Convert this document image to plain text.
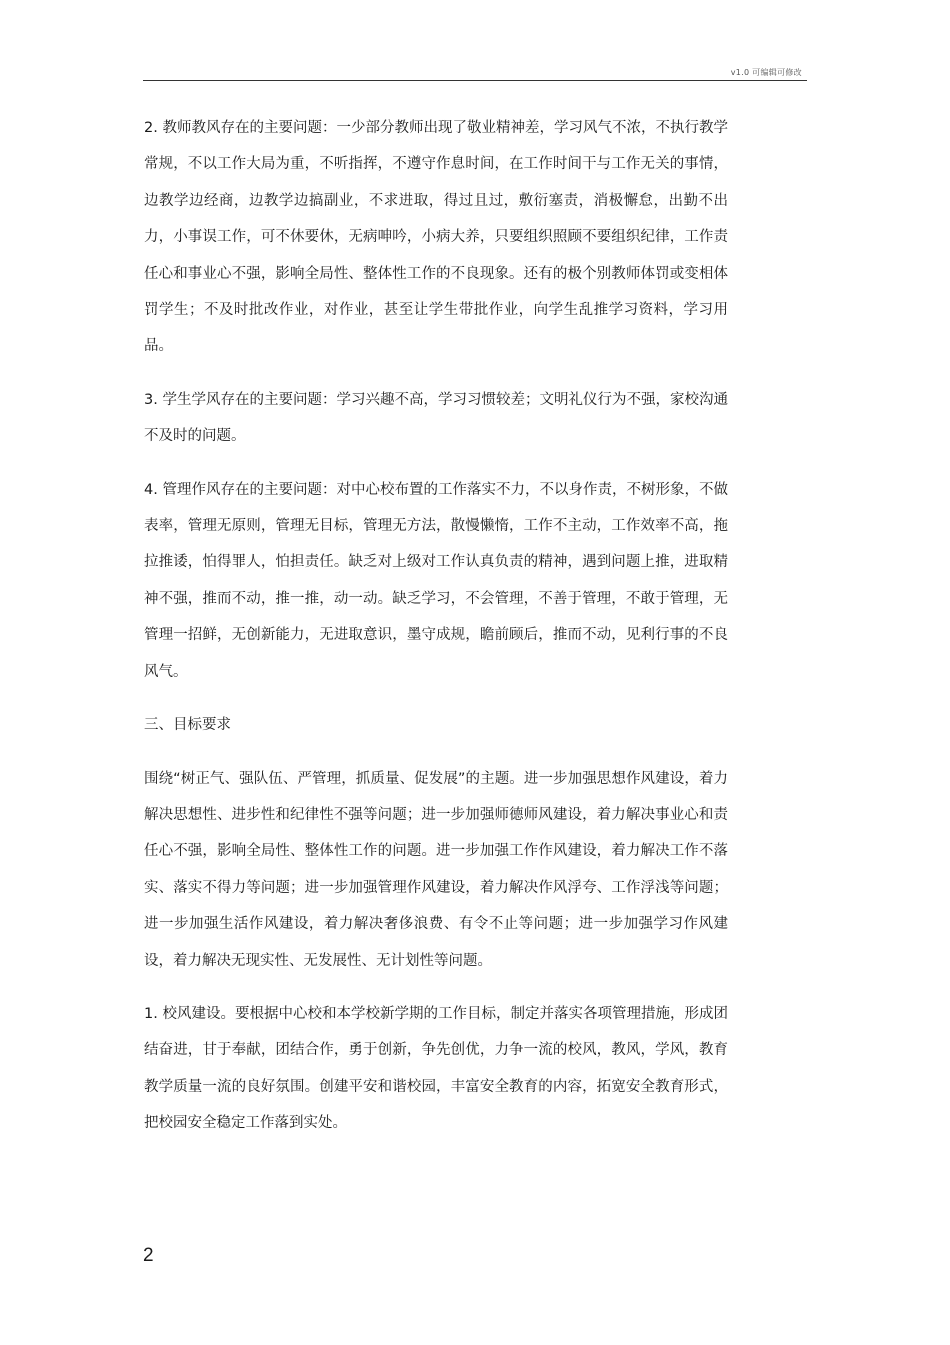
v1.0 可编辑可修改

2. 教师教风存在的主要问题：一少部分教师出现了敬业精神差，学习风气不浓，不执行教学常规，不以工作大局为重，不听指挥，不遵守作息时间，在工作时间干与工作无关的事情，边教学边经商，边教学边搞副业，不求进取，得过且过，敷衍塞责，消极懈怠，出勤不出力，小事误工作，可不休要休，无病呻吟，小病大养，只要组织照顾不要组织纪律，工作责任心和事业心不强，影响全局性、整体性工作的不良现象。还有的极个别教师体罚或变相体罚学生；不及时批改作业，对作业，甚至让学生带批作业，向学生乱推学习资料，学习用品。

3. 学生学风存在的主要问题：学习兴趣不高，学习习惯较差；文明礼仪行为不强，家校沟通不及时的问题。

4. 管理作风存在的主要问题：对中心校布置的工作落实不力，不以身作责，不树形象，不做表率，管理无原则，管理无目标，管理无方法，散慢懒惰，工作不主动，工作效率不高，拖拉推诿，怕得罪人，怕担责任。缺乏对上级对工作认真负责的精神，遇到问题上推，进取精神不强，推而不动，推一推，动一动。缺乏学习，不会管理，不善于管理，不敢于管理，无管理一招鲜，无创新能力，无进取意识，墨守成规，瞻前顾后，推而不动，见利行事的不良风气。

三、目标要求

围绕“树正气、强队伍、严管理，抓质量、促发展”的主题。进一步加强思想作风建设，着力解决思想性、进步性和纪律性不强等问题；进一步加强师德师风建设，着力解决事业心和责任心不强，影响全局性、整体性工作的问题。进一步加强工作作风建设，着力解决工作不落实、落实不得力等问题；进一步加强管理作风建设，着力解决作风浮夸、工作浮浅等问题；进一步加强生活作风建设，着力解决奢侈浪费、有令不止等问题；进一步加强学习作风建设，着力解决无现实性、无发展性、无计划性等问题。

1. 校风建设。要根据中心校和本学校新学期的工作目标，制定并落实各项管理措施，形成团结奋进，甘于奉献，团结合作，勇于创新，争先创优，力争一流的校风，教风，学风，教育教学质量一流的良好氛围。创建平安和谐校园，丰富安全教育的内容，拓宽安全教育形式，把校园安全稳定工作落到实处。

2
